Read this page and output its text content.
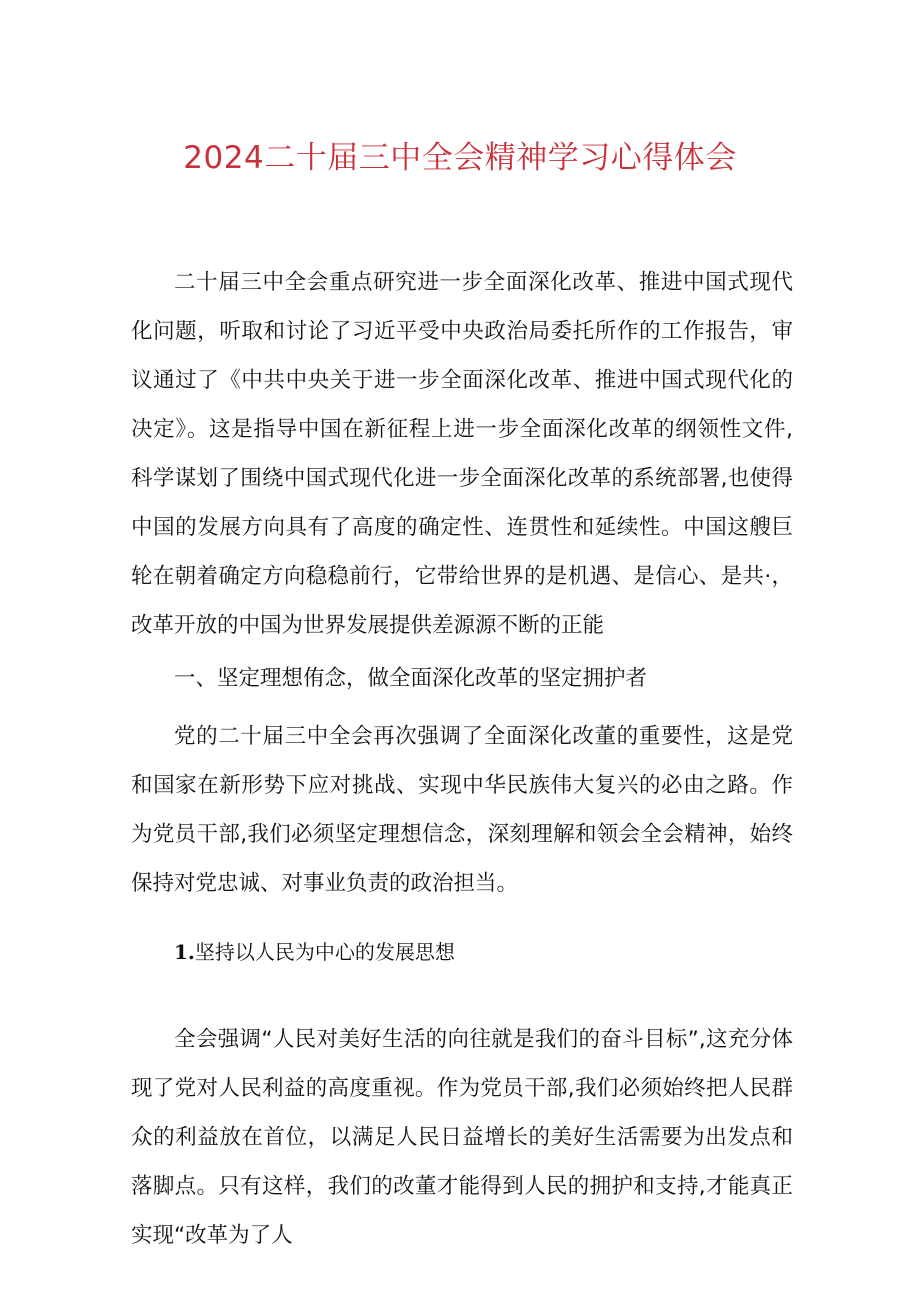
2024二十届三中全会精神学习心得体会

二十届三中全会重点研究进一步全面深化改革、推进中国式现代化问题，听取和讨论了习近平受中央政治局委托所作的工作报告，审议通过了《中共中央关于进一步全面深化改革、推进中国式现代化的决定》。这是指导中国在新征程上进一步全面深化改革的纲领性文件,科学谋划了围绕中国式现代化进一步全面深化改革的系统部署,也使得中国的发展方向具有了高度的确定性、连贯性和延续性。中国这艘巨轮在朝着确定方向稳稳前行，它带给世界的是机遇、是信心、是共·，改革开放的中国为世界发展提供差源源不断的正能

一、坚定理想侑念，做全面深化改革的坚定拥护者

党的二十届三中全会再次强调了全面深化改董的重要性，这是党和国家在新形势下应对挑战、实现中华民族伟大复兴的必由之路。作为党员干部,我们必须坚定理想信念，深刻理解和领会全会精神，始终保持对党忠诚、对事业负责的政治担当。

1.坚持以人民为中心的发展思想

全会强调“人民对美好生活的向往就是我们的奋斗目标”,这充分体现了党对人民利益的高度重视。作为党员干部,我们必须始终把人民群众的利益放在首位，以满足人民日益增长的美好生活需要为出发点和落脚点。只有这样，我们的改董才能得到人民的拥护和支持,才能真正实现“改革为了人
